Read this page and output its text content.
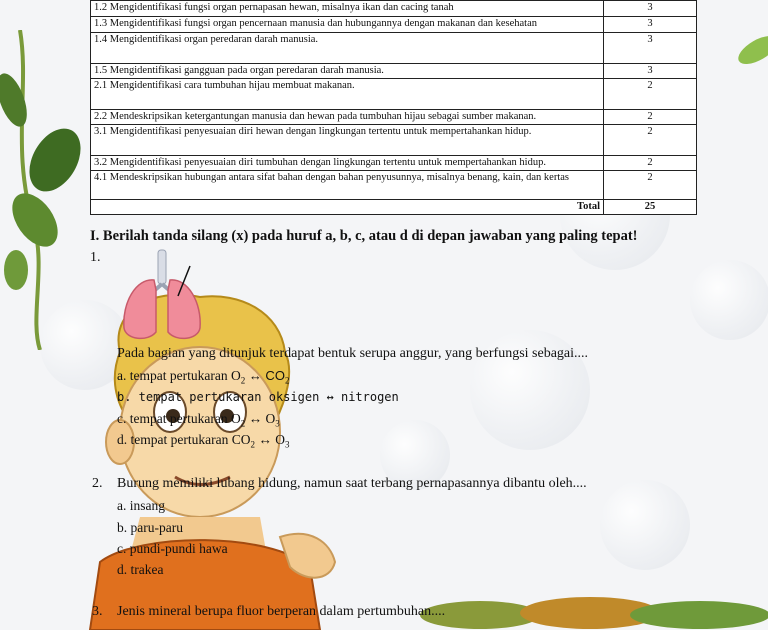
1.2 Mengidentifikasi fungsi organ pernapasan hewan, misalnya ikan dan cacing tanah	3
1.3 Mengidentifikasi fungsi organ pencernaan manusia dan hubungannya dengan makanan dan kesehatan	3
1.4 Mengidentifikasi organ peredaran darah manusia.	3
1.5 Mengidentifikasi gangguan pada organ peredaran darah manusia.	3
2.1 Mengidentifikasi cara tumbuhan hijau membuat makanan.	2
2.2 Mendeskripsikan ketergantungan manusia dan hewan pada tumbuhan hijau sebagai sumber makanan.	2
3.1 Mengidentifikasi penyesuaian diri hewan dengan lingkungan tertentu untuk mempertahankan hidup.	2
3.2 Mengidentifikasi penyesuaian diri tumbuhan dengan lingkungan tertentu untuk mempertahankan hidup.	2
4.1 Mendeskripsikan hubungan antara sifat bahan dengan bahan penyusunnya, misalnya benang, kain, dan kertas	2
Total	25
I. Berilah tanda silang (x) pada huruf a, b, c, atau d di depan jawaban yang paling tepat!
1.
Pada bagian yang ditunjuk terdapat bentuk serupa anggur, yang berfungsi sebagai....
a. tempat pertukaran $O_2$ ↔ $CO_2$
b. tempat pertukaran oksigen ↔ nitrogen
c. tempat pertukaran $O_2$ ↔ $O_3$
d. tempat pertukaran $CO_2$ ↔ $O_3$
2. Burung memiliki lubang hidung, namun saat terbang pernapasannya dibantu oleh....
a. insang
b. paru-paru
c. pundi-pundi hawa
d. trakea
3. Jenis mineral berupa fluor berperan dalam pertumbuhan....
